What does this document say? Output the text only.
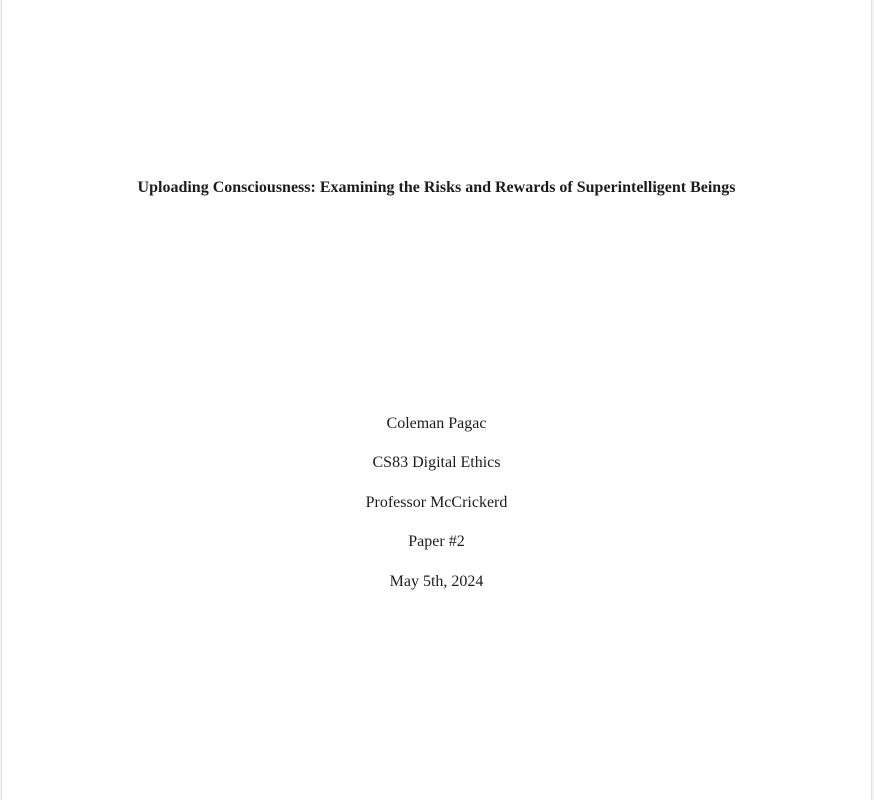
Uploading Consciousness: Examining the Risks and Rewards of Superintelligent Beings
Coleman Pagac
CS83 Digital Ethics
Professor McCrickerd
Paper #2
May 5th, 2024
